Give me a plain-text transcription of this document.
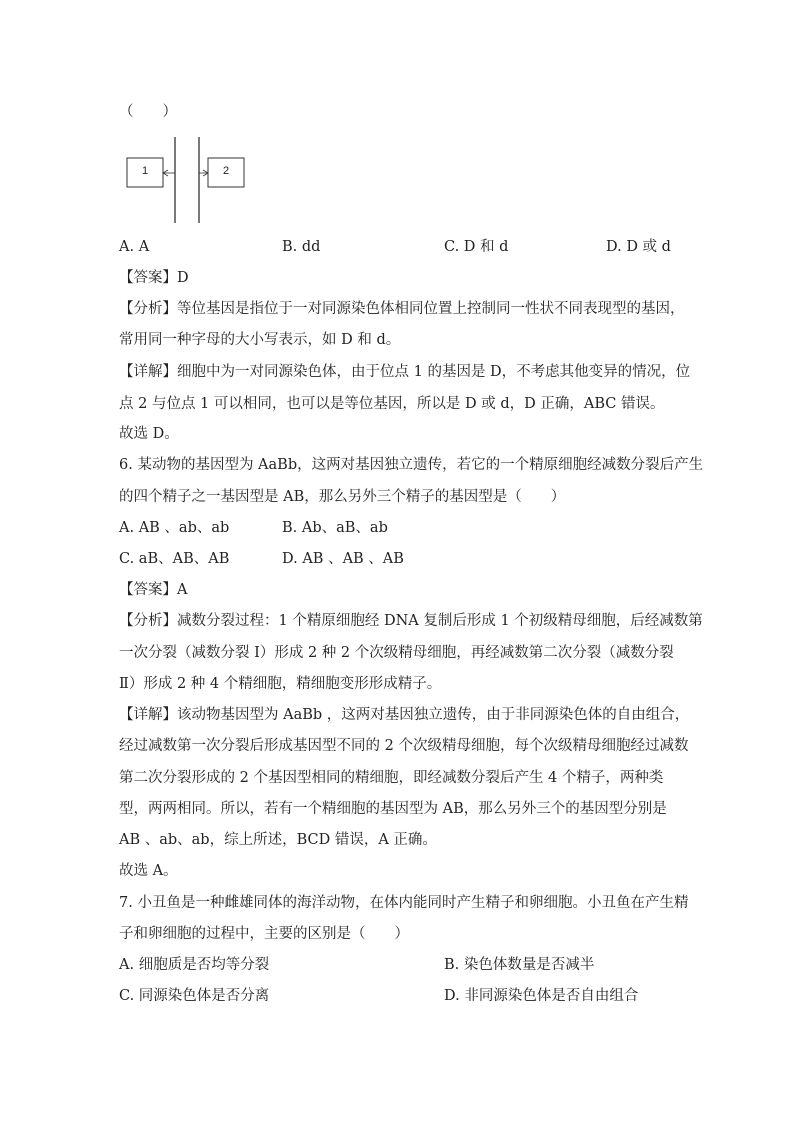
（　　）
1	2
A. A	B. dd	C. D 和 d	D. D 或 d
【答案】D
【分析】等位基因是指位于一对同源染色体相同位置上控制同一性状不同表现型的基因，
常用同一种字母的大小写表示，如 D 和 d。
【详解】细胞中为一对同源染色体，由于位点 1 的基因是 D，不考虑其他变异的情况，位
点 2 与位点 1 可以相同，也可以是等位基因，所以是 D 或 d，D 正确，ABC 错误。
故选 D。
6. 某动物的基因型为 AaBb，这两对基因独立遗传，若它的一个精原细胞经减数分裂后产生
的四个精子之一基因型是 AB，那么另外三个精子的基因型是（　　）
A. AB 、ab、ab	B. Ab、aB、ab
C. aB、AB、AB	D. AB 、AB 、AB
【答案】A
【分析】减数分裂过程：1 个精原细胞经 DNA 复制后形成 1 个初级精母细胞，后经减数第
一次分裂（减数分裂 Ⅰ）形成 2 种 2 个次级精母细胞，再经减数第二次分裂（减数分裂
Ⅱ）形成 2 种 4 个精细胞，精细胞变形形成精子。
【详解】该动物基因型为 AaBb ，这两对基因独立遗传，由于非同源染色体的自由组合，
经过减数第一次分裂后形成基因型不同的 2 个次级精母细胞，每个次级精母细胞经过减数
第二次分裂形成的 2 个基因型相同的精细胞，即经减数分裂后产生 4 个精子，两种类
型，两两相同。所以，若有一个精细胞的基因型为 AB，那么另外三个的基因型分别是
AB 、ab、ab，综上所述，BCD 错误，A 正确。
故选 A。
7. 小丑鱼是一种雌雄同体的海洋动物，在体内能同时产生精子和卵细胞。小丑鱼在产生精
子和卵细胞的过程中，主要的区别是（　　）
A. 细胞质是否均等分裂	B. 染色体数量是否减半
C. 同源染色体是否分离	D. 非同源染色体是否自由组合
